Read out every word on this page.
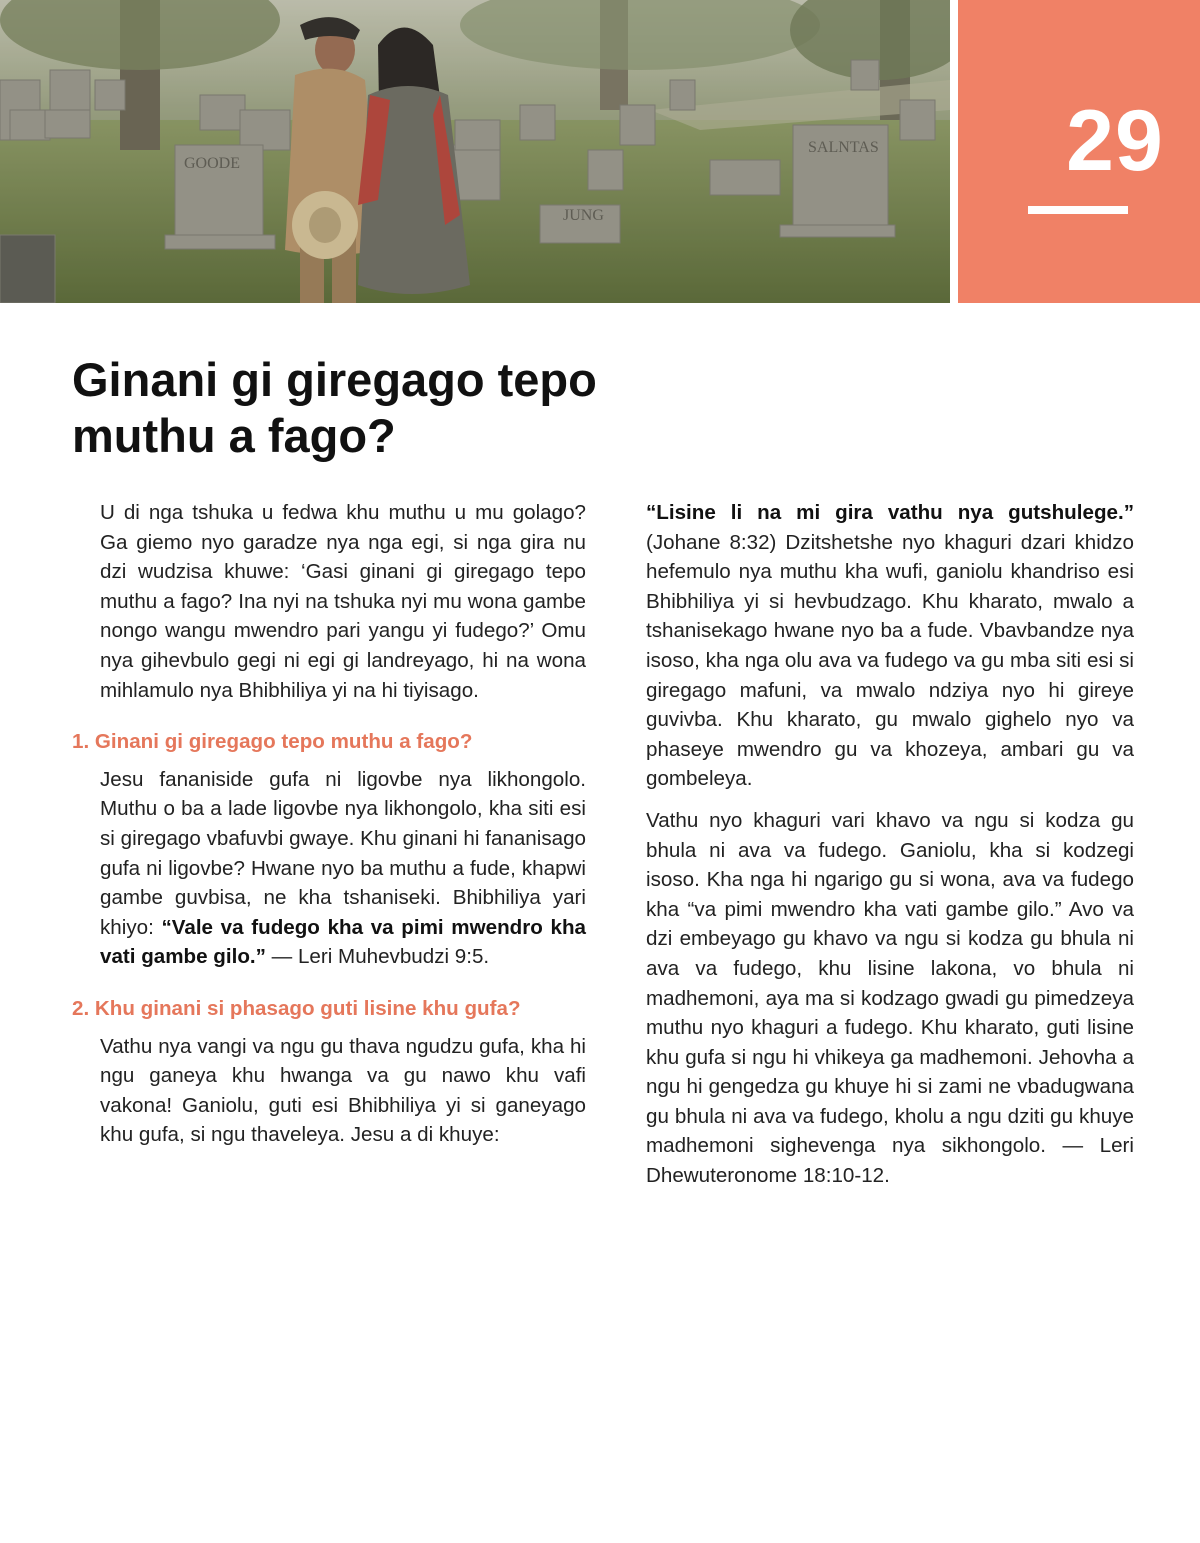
GOODE
SALNTAS
JUNG
29
Ginani gi giregago tepo muthu a fago?

U di nga tshuka u fedwa khu muthu u mu golago? Ga giemo nyo garadze nya nga egi, si nga gira nu dzi wudzisa khuwe: ‘Gasi ginani gi giregago tepo muthu a fago? Ina nyi na tshuka nyi mu wona gambe nongo wangu mwendro pari yangu yi fudego?’ Omu nya gihevbulo gegi ni egi gi landreyago, hi na wona mihlamulo nya Bhibhiliya yi na hi tiyisago.

1. Ginani gi giregago tepo muthu a fago?

Jesu fananiside gufa ni ligovbe nya likhongolo. Muthu o ba a lade ligovbe nya likhongolo, kha siti esi si giregago vbafuvbi gwaye. Khu ginani hi fananisago gufa ni ligovbe? Hwane nyo ba muthu a fude, khapwi gambe guvbisa, ne kha tshaniseki. Bhibhiliya yari khiyo: “Vale va fudego kha va pimi mwendro kha vati gambe gilo.” — Leri Muhevbudzi 9:5.

2. Khu ginani si phasago guti lisine khu gufa?

Vathu nya vangi va ngu gu thava ngudzu gufa, kha hi ngu ganeya khu hwanga va gu nawo khu vafi vakona! Ganiolu, guti esi Bhibhiliya yi si ganeyago khu gufa, si ngu thaveleya. Jesu a di khuye:

“Lisine li na mi gira vathu nya gutshulege.” (Johane 8:32) Dzitshetshe nyo khaguri dzari khidzo hefemulo nya muthu kha wufi, ganiolu khandriso esi Bhibhiliya yi si hevbudzago. Khu kharato, mwalo a tshanisekago hwane nyo ba a fude. Vbavbandze nya isoso, kha nga olu ava va fudego va gu mba siti esi si giregago mafuni, va mwalo ndziya nyo hi gireye guvivba. Khu kharato, gu mwalo gighelo nyo va phaseye mwendro gu va khozeya, ambari gu va gombeleya.

Vathu nyo khaguri vari khavo va ngu si kodza gu bhula ni ava va fudego. Ganiolu, kha si kodzegi isoso. Kha nga hi ngarigo gu si wona, ava va fudego kha “va pimi mwendro kha vati gambe gilo.” Avo va dzi embeyago gu khavo va ngu si kodza gu bhula ni ava va fudego, khu lisine lakona, vo bhula ni madhemoni, aya ma si kodzago gwadi gu pimedzeya muthu nyo khaguri a fudego. Khu kharato, guti lisine khu gufa si ngu hi vhikeya ga madhemoni. Jehovha a ngu hi gengedza gu khuye hi si zami ne vbadugwana gu bhula ni ava va fudego, kholu a ngu dziti gu khuye madhemoni sighevenga nya sikhongolo. — Leri Dhewuteronome 18:10-12.
